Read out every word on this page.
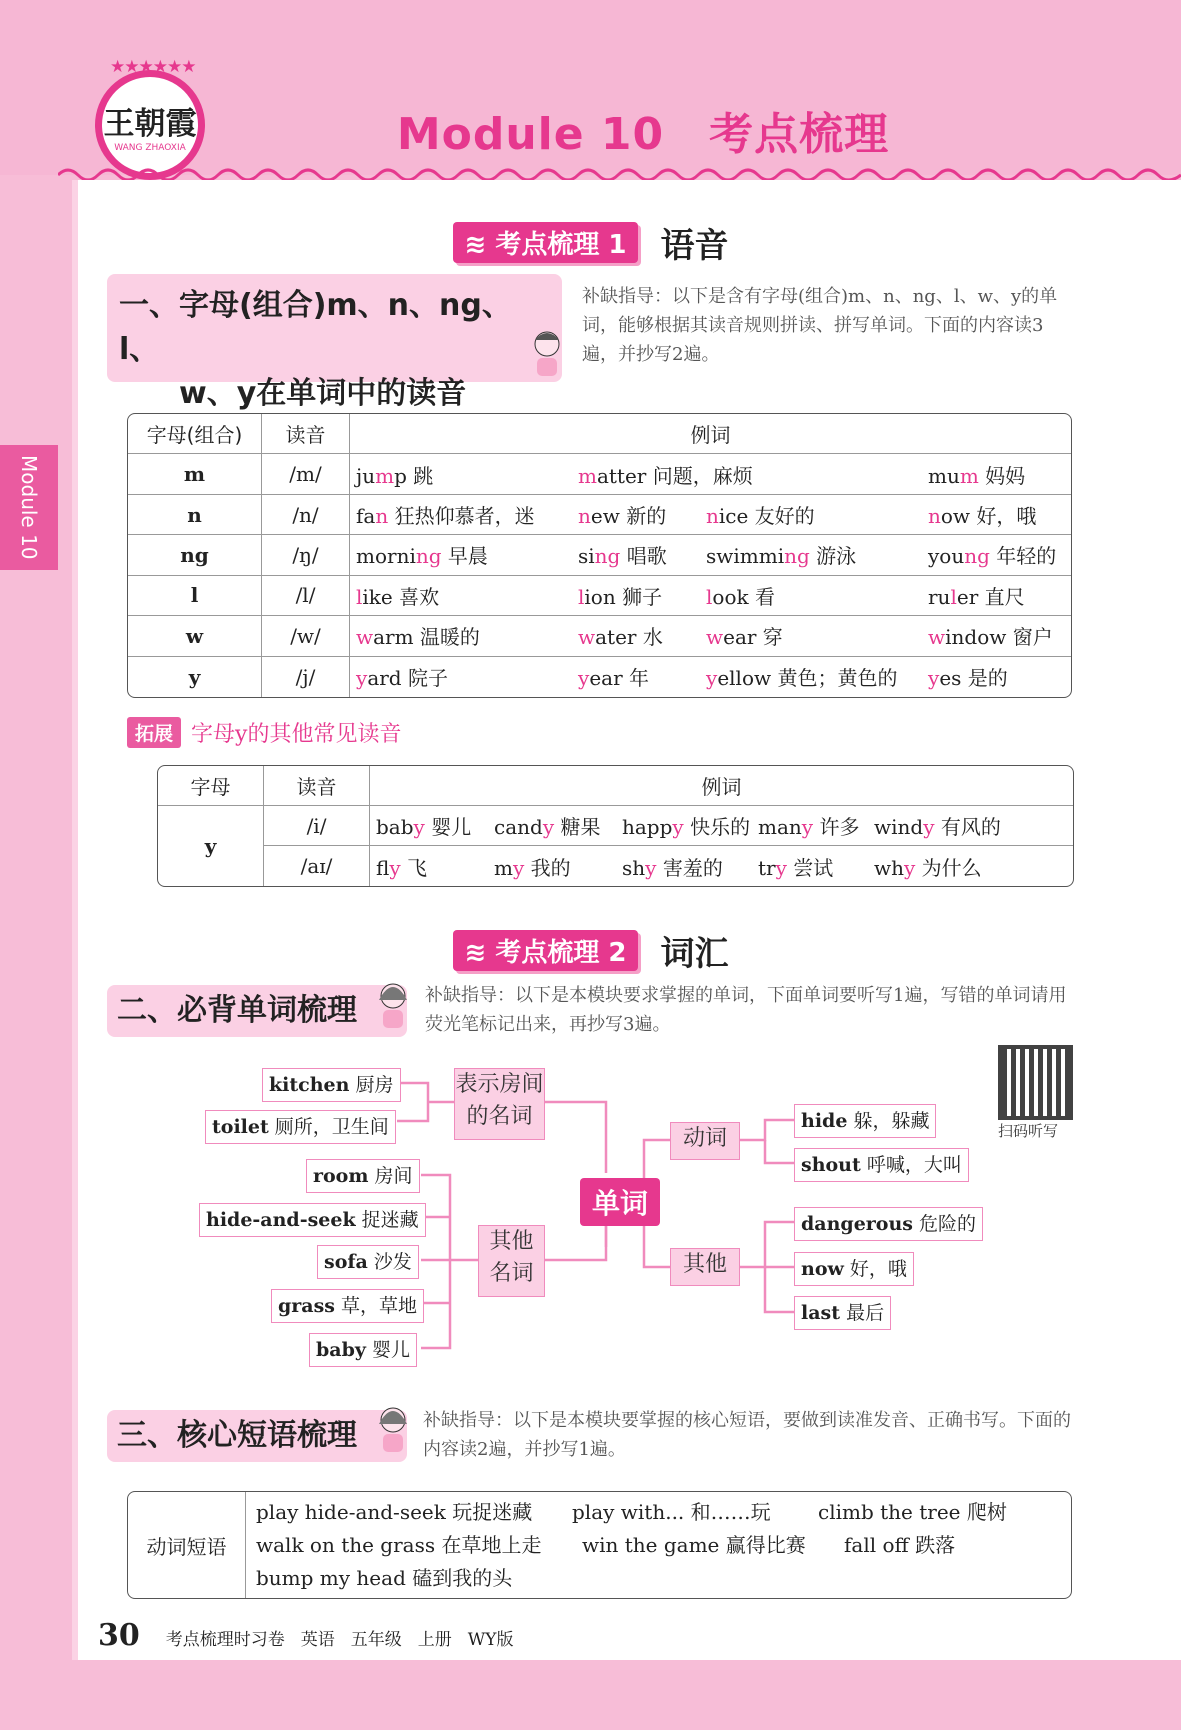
★★★★★★
王朝霞
WANG ZHAOXIA	Module 10　考点梳理
Module 10
≋ 考点梳理 1	语音
一、字母(组合)m、n、ng、l、
w、y在单词中的读音
补缺指导：以下是含有字母(组合)m、n、ng、l、w、y的单词，能够根据其读音规则拼读、拼写单词。下面的内容读3遍，并抄写2遍。
字母(组合)	读音	例词
m	/m/	jump 跳 matter 问题，麻烦 mum 妈妈

n	/n/	fan 狂热仰慕者，迷 new 新的 nice 友好的 now 好，哦

ng	/ŋ/	morning 早晨 sing 唱歌 swimming 游泳 young 年轻的

l	/l/	like 喜欢 lion 狮子 look 看 ruler 直尺

w	/w/	warm 温暖的 water 水 wear 穿 window 窗户

y	/j/	yard 院子 year 年 yellow 黄色；黄色的 yes 是的
拓展 字母y的其他常见读音
字母	读音	例词
y	/i/	baby 婴儿 candy 糖果 happy 快乐的 many 许多 windy 有风的

	/aɪ/	fly 飞 my 我的 shy 害羞的 try 尝试 why 为什么
≋ 考点梳理 2	词汇
二、必背单词梳理	补缺指导：以下是本模块要求掌握的单词，下面单词要听写1遍，写错的单词请用荧光笔标记出来，再抄写3遍。
kitchen 厨房
toilet 厕所，卫生间
room 房间
hide-and-seek 捉迷藏
sofa 沙发
grass 草，草地
baby 婴儿
表示房间的名词
其他名词
单词
动词
其他
hide 躲，躲藏
shout 呼喊，大叫
dangerous 危险的
now 好，哦
last 最后
扫码听写
三、核心短语梳理	补缺指导：以下是本模块要掌握的核心短语，要做到读准发音、正确书写。下面的内容读2遍，并抄写1遍。
动词短语
play hide-and-seek 玩捉迷藏	play with... 和……玩	climb the tree 爬树
walk on the grass 在草地上走	win the game 赢得比赛	fall off 跌落
bump my head 磕到我的头
30 考点梳理时习卷 英语 五年级 上册 WY版
